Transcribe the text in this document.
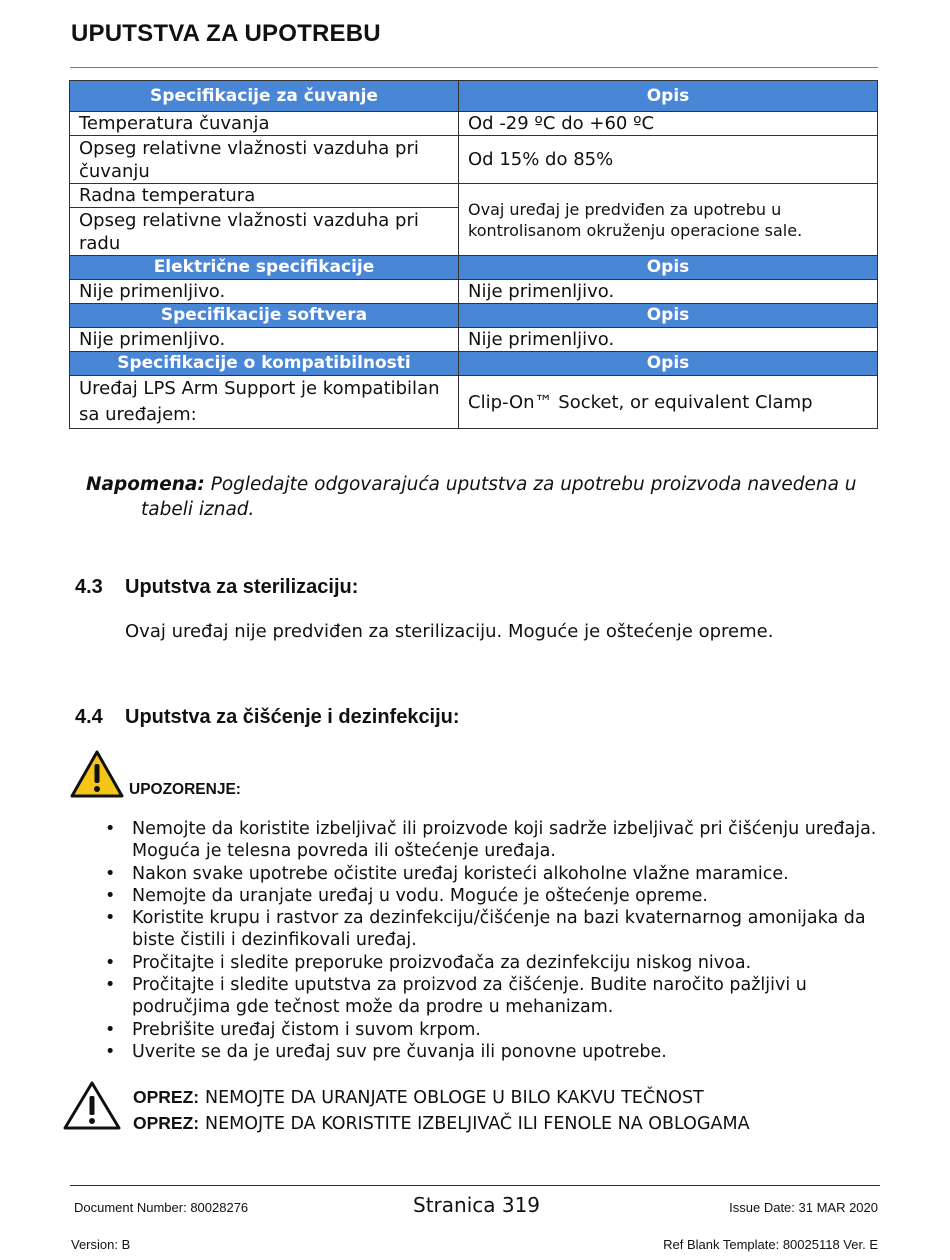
UPUTSTVA ZA UPOTREBU
Specifikacije za čuvanje	Opis
Temperatura čuvanja	Od -29 ºC do +60 ºC
Opseg relativne vlažnosti vazduha pri čuvanju	Od 15% do 85%
Radna temperatura	Ovaj uređaj je predviđen za upotrebu u kontrolisanom okruženju operacione sale.
Opseg relativne vlažnosti vazduha pri radu	
Električne specifikacije	Opis
Nije primenljivo.	Nije primenljivo.
Specifikacije softvera	Opis
Nije primenljivo.	Nije primenljivo.
Specifikacije o kompatibilnosti	Opis
Uređaj LPS Arm Support je kompatibilan sa uređajem:	Clip-On™ Socket, or equivalent Clamp
Napomena: Pogledajte odgovarajuća uputstva za upotrebu proizvoda navedena u
tabeli iznad.
4.3 Uputstva za sterilizaciju:
Ovaj uređaj nije predviđen za sterilizaciju. Moguće je oštećenje opreme.
4.4 Uputstva za čišćenje i dezinfekciju:
UPOZORENJE:
• Nemojte da koristite izbeljivač ili proizvode koji sadrže izbeljivač pri čišćenju uređaja. Moguća je telesna povreda ili oštećenje uređaja.
• Nakon svake upotrebe očistite uređaj koristeći alkoholne vlažne maramice.
• Nemojte da uranjate uređaj u vodu. Moguće je oštećenje opreme.
• Koristite krupu i rastvor za dezinfekciju/čišćenje na bazi kvaternarnog amonijaka da biste čistili i dezinfikovali uređaj.
• Pročitajte i sledite preporuke proizvođača za dezinfekciju niskog nivoa.
• Pročitajte i sledite uputstva za proizvod za čišćenje. Budite naročito pažljivi u područjima gde tečnost može da prodre u mehanizam.
• Prebrišite uređaj čistom i suvom krpom.
• Uverite se da je uređaj suv pre čuvanja ili ponovne upotrebe.
OPREZ: NEMOJTE DA URANJATE OBLOGE U BILO KAKVU TEČNOST
OPREZ: NEMOJTE DA KORISTITE IZBELJIVAČ ILI FENOLE NA OBLOGAMA
Document Number: 80028276	Stranica 319	Issue Date: 31 MAR 2020
Version: B	Ref Blank Template: 80025118 Ver. E
